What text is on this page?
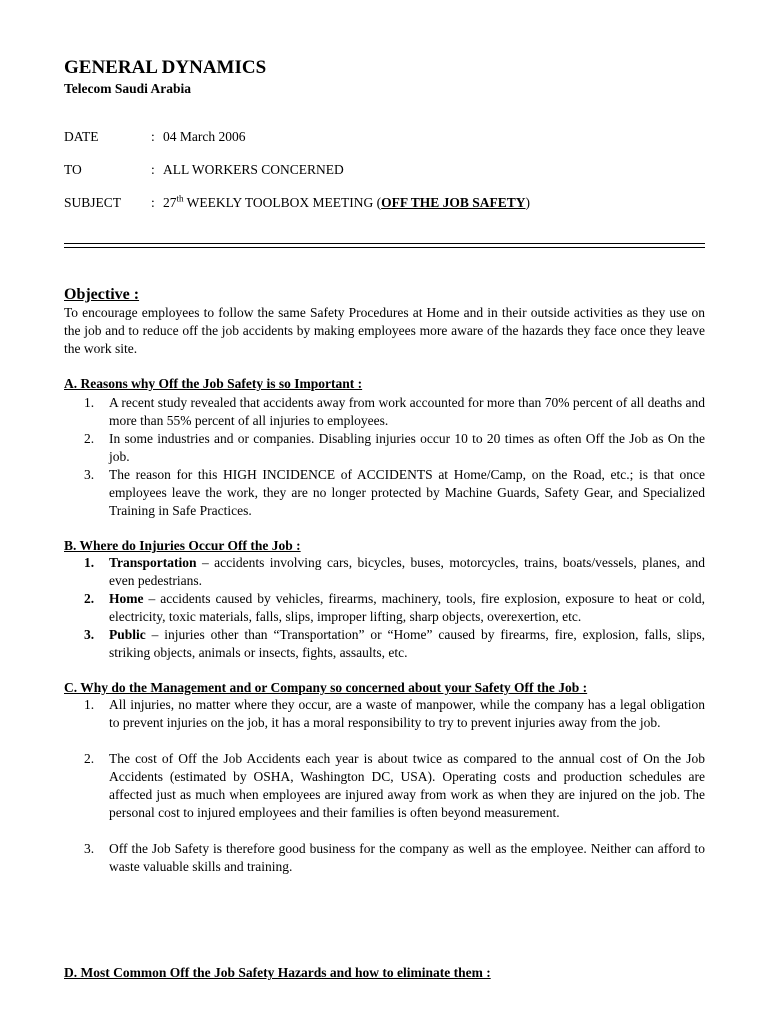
GENERAL DYNAMICS
Telecom Saudi Arabia
DATE	: 04 March 2006
TO	: ALL WORKERS CONCERNED
SUBJECT : 27th WEEKLY TOOLBOX MEETING (OFF THE JOB SAFETY)
Objective :
To encourage employees to follow the same Safety Procedures at Home and in their outside activities as they use on the job and to reduce off the job accidents by making employees more aware of the hazards they face once they leave the work site.
A. Reasons why Off the Job Safety is so Important :
1.	A recent study revealed that accidents away from work accounted for more than 70% percent of all deaths and more than 55% percent of all injuries to employees.
2.	In some industries and or companies. Disabling injuries occur 10 to 20 times as often Off the Job as On the job.
3.	The reason for this HIGH INCIDENCE of ACCIDENTS at Home/Camp, on the Road, etc.; is that once employees leave the work, they are no longer protected by Machine Guards, Safety Gear, and Specialized Training in Safe Practices.
B. Where do Injuries Occur Off the Job :
1.	Transportation – accidents involving cars, bicycles, buses, motorcycles, trains, boats/vessels, planes, and even pedestrians.
2.	Home – accidents caused by vehicles, firearms, machinery, tools, fire explosion, exposure to heat or cold, electricity, toxic materials, falls, slips, improper lifting, sharp objects, overexertion, etc.
3.	Public – injuries other than “Transportation” or “Home” caused by firearms, fire, explosion, falls, slips, striking objects, animals or insects, fights, assaults, etc.
C. Why do the Management and or Company so concerned about your Safety Off the Job :
1.	All injuries, no matter where they occur, are a waste of manpower, while the company has a legal obligation to prevent injuries on the job, it has a moral responsibility to try to prevent injuries away from the job.
2.	The cost of Off the Job Accidents each year is about twice as compared to the annual cost of On the Job Accidents (estimated by OSHA, Washington DC, USA). Operating costs and production schedules are affected just as much when employees are injured away from work as when they are injured on the job. The personal cost to injured employees and their families is often beyond measurement.
3.	Off the Job Safety is therefore good business for the company as well as the employee. Neither can afford to waste valuable skills and training.
D. Most Common Off the Job Safety Hazards and how to eliminate them :
